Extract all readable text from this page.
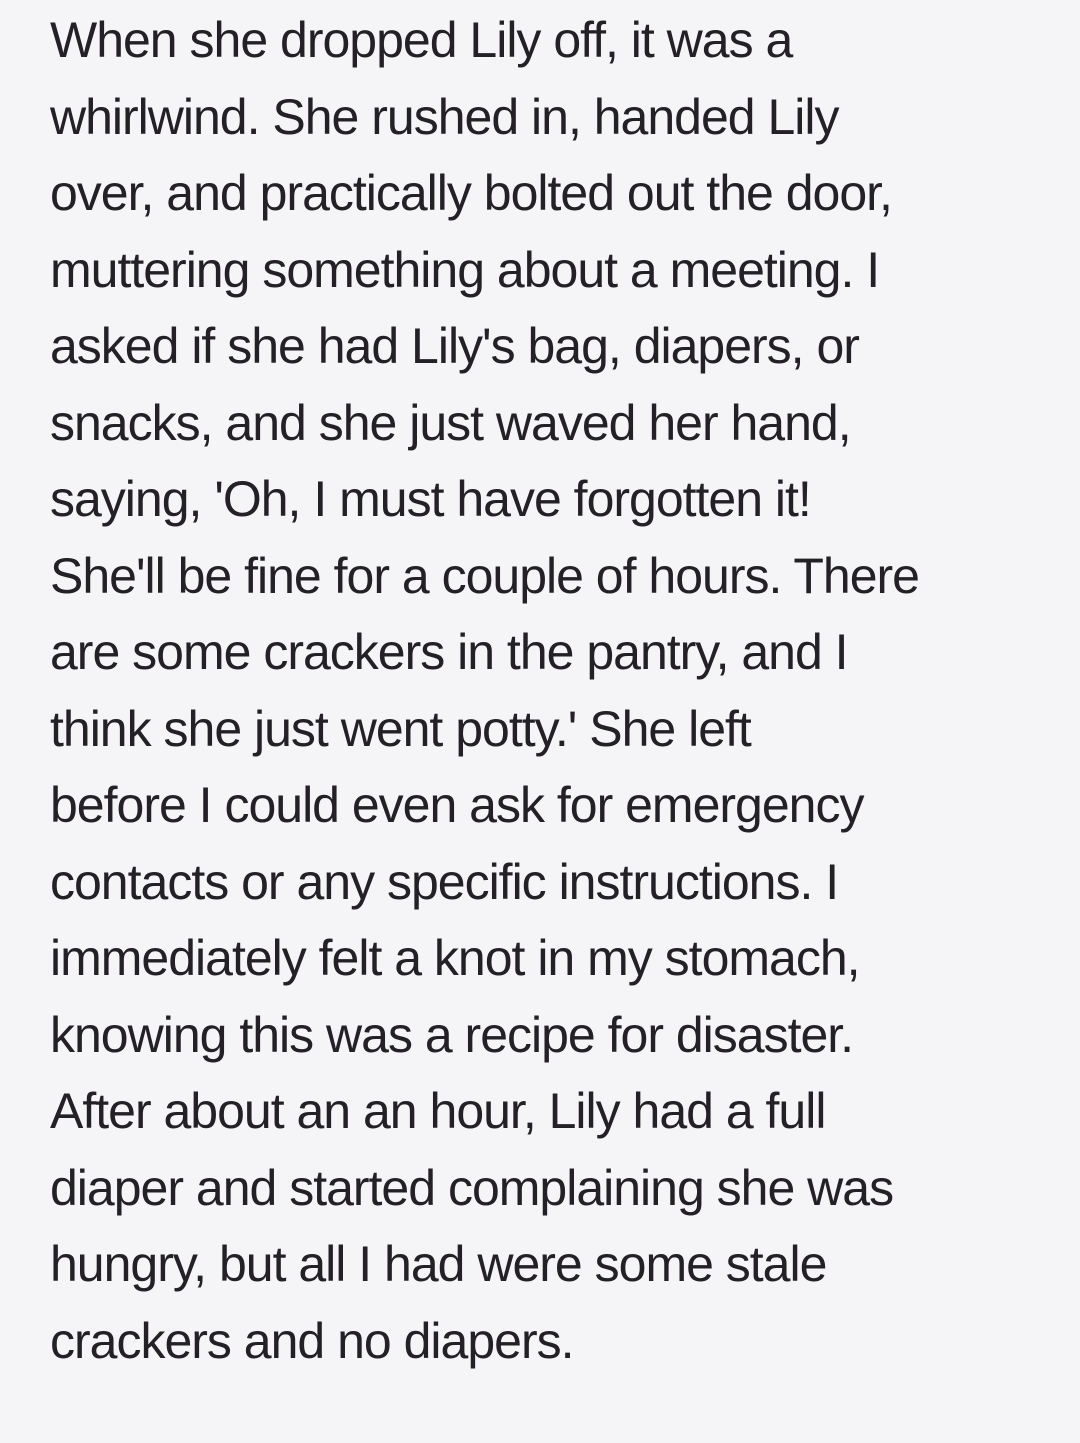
When she dropped Lily off, it was a
whirlwind. She rushed in, handed Lily
over, and practically bolted out the door,
muttering something about a meeting. I
asked if she had Lily's bag, diapers, or
snacks, and she just waved her hand,
saying, 'Oh, I must have forgotten it!
She'll be fine for a couple of hours. There
are some crackers in the pantry, and I
think she just went potty.' She left
before I could even ask for emergency
contacts or any specific instructions. I
immediately felt a knot in my stomach,
knowing this was a recipe for disaster.
After about an an hour, Lily had a full
diaper and started complaining she was
hungry, but all I had were some stale
crackers and no diapers.
